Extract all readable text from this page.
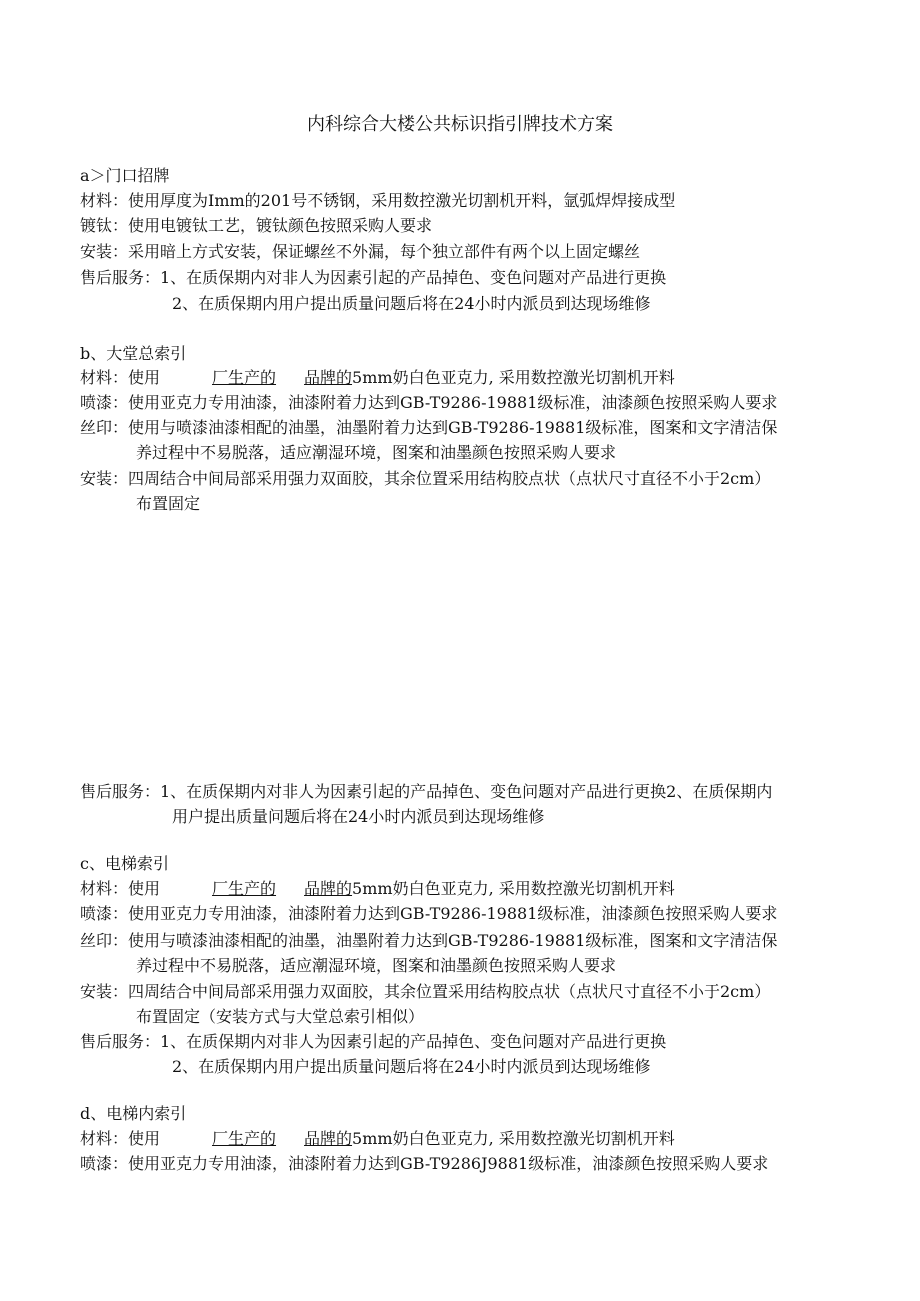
内科综合大楼公共标识指引牌技术方案
a＞门口招牌
材料：使用厚度为Imm的201号不锈钢，采用数控激光切割机开料，氩弧焊焊接成型
镀钛：使用电镀钛工艺，镀钛颜色按照采购人要求
安装：采用暗上方式安装，保证螺丝不外漏，每个独立部件有两个以上固定螺丝
售后服务：1、在质保期内对非人为因素引起的产品掉色、变色问题对产品进行更换
2、在质保期内用户提出质量问题后将在24小时内派员到达现场维修
b、大堂总索引
材料：使用	厂生产的 品牌的5mm奶白色亚克力, 采用数控激光切割机开料
喷漆：使用亚克力专用油漆，油漆附着力达到GB-T9286-19881级标准，油漆颜色按照采购人要求
丝印：使用与喷漆油漆相配的油墨，油墨附着力达到GB-T9286-19881级标准，图案和文字清洁保
养过程中不易脱落，适应潮湿环境，图案和油墨颜色按照采购人要求
安装：四周结合中间局部采用强力双面胶，其余位置采用结构胶点状（点状尺寸直径不小于2cm）
布置固定
售后服务：1、在质保期内对非人为因素引起的产品掉色、变色问题对产品进行更换2、在质保期内
用户提出质量问题后将在24小时内派员到达现场维修
c、电梯索引
材料：使用	厂生产的 品牌的5mm奶白色亚克力, 采用数控激光切割机开料
喷漆：使用亚克力专用油漆，油漆附着力达到GB-T9286-19881级标准，油漆颜色按照采购人要求
丝印：使用与喷漆油漆相配的油墨，油墨附着力达到GB-T9286-19881级标准，图案和文字清洁保
养过程中不易脱落，适应潮湿环境，图案和油墨颜色按照采购人要求
安装：四周结合中间局部采用强力双面胶，其余位置采用结构胶点状（点状尺寸直径不小于2cm）
布置固定（安装方式与大堂总索引相似）
售后服务：1、在质保期内对非人为因素引起的产品掉色、变色问题对产品进行更换
2、在质保期内用户提出质量问题后将在24小时内派员到达现场维修
d、电梯内索引
材料：使用	厂生产的 品牌的5mm奶白色亚克力, 采用数控激光切割机开料
喷漆：使用亚克力专用油漆，油漆附着力达到GB-T9286J9881级标准，油漆颜色按照采购人要求
